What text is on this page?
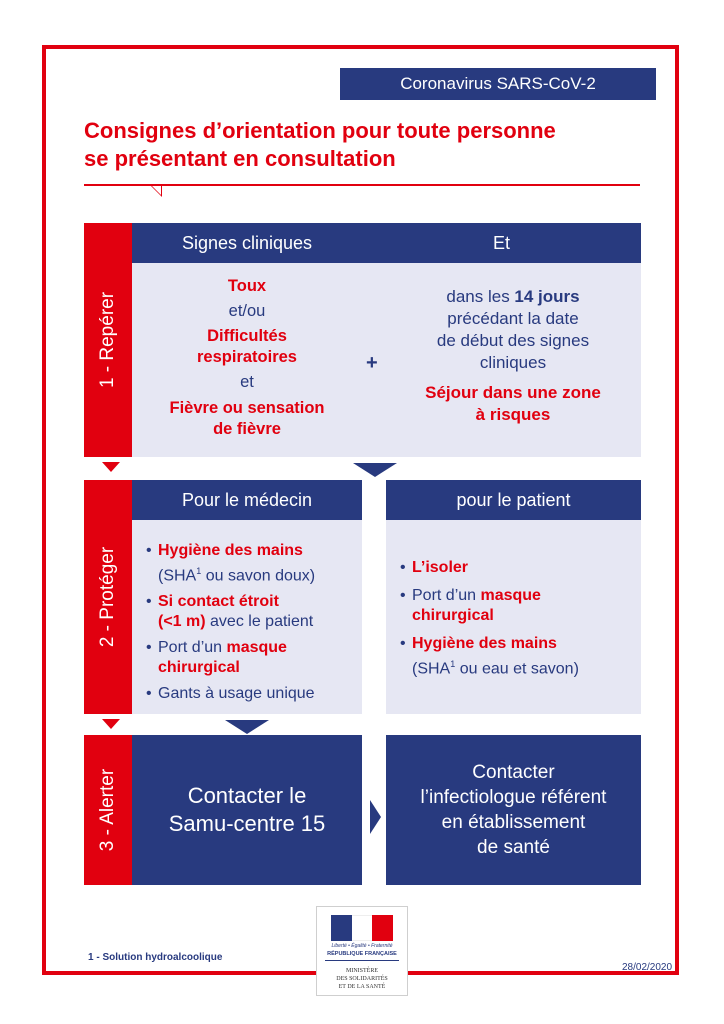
Coronavirus SARS-CoV-2
Consignes d’orientation pour toute personne
se présentant en consultation
1 - Repérer
2 - Protéger
3 - Alerter
Signes cliniques	Et
Toux
et/ou
Difficultés
respiratoires
et
Fièvre ou sensation
de fièvre
+
dans les 14 jours
précédant la date
de début des signes
cliniques
Séjour dans une zone
à risques
Pour le médecin	pour le patient
• Hygiène des mains
(SHA$^1$ ou savon doux)
• Si contact étroit
(<1 m) avec le patient
• Port d’un masque
chirurgical
• Gants à usage unique
• L’isoler
• Port d’un masque
chirurgical
• Hygiène des mains
(SHA$^1$ ou eau et savon)
Contacter le
Samu-centre 15
Contacter
l’infectiologue référent
en établissement
de santé
1 - Solution hydroalcoolique
28/02/2020
Liberté • Égalité • Fraternité
RÉPUBLIQUE FRANÇAISE
MINISTÈRE
DES SOLIDARITÉS
ET DE LA SANTÉ
